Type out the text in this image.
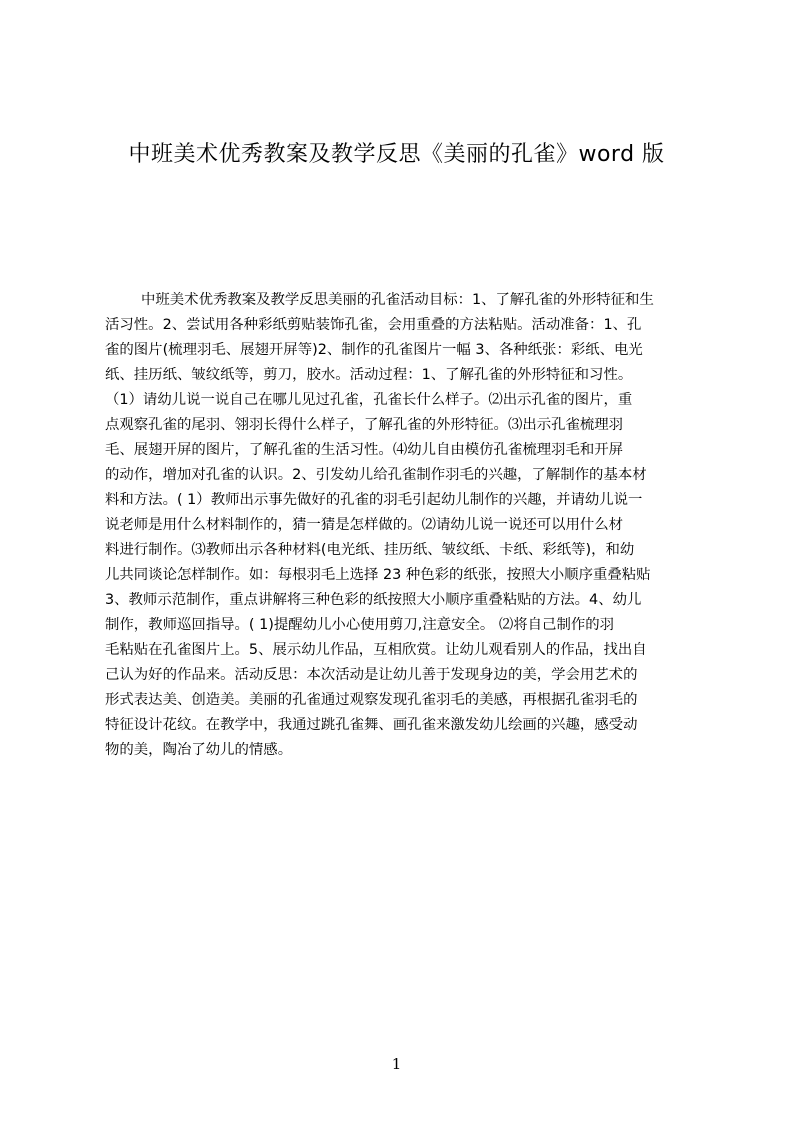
中班美术优秀教案及教学反思《美丽的孔雀》word 版
中班美术优秀教案及教学反思美丽的孔雀活动目标：1、了解孔雀的外形特征和生
活习性。2、尝试用各种彩纸剪贴装饰孔雀，会用重叠的方法粘贴。活动准备：1、孔
雀的图片(梳理羽毛、展翅开屏等)2、制作的孔雀图片一幅 3、各种纸张：彩纸、电光
纸、挂历纸、皱纹纸等，剪刀，胶水。活动过程：1、了解孔雀的外形特征和习性。
（1）请幼儿说一说自己在哪儿见过孔雀，孔雀长什么样子。⑵出示孔雀的图片，重
点观察孔雀的尾羽、翎羽长得什么样子，了解孔雀的外形特征。⑶出示孔雀梳理羽
毛、展翅开屏的图片，了解孔雀的生活习性。⑷幼儿自由模仿孔雀梳理羽毛和开屏
的动作，增加对孔雀的认识。2、引发幼儿给孔雀制作羽毛的兴趣，了解制作的基本材
料和方法。( 1）教师出示事先做好的孔雀的羽毛引起幼儿制作的兴趣，并请幼儿说一
说老师是用什么材料制作的，猜一猜是怎样做的。⑵请幼儿说一说还可以用什么材
料进行制作。⑶教师出示各种材料(电光纸、挂历纸、皱纹纸、卡纸、彩纸等)，和幼
儿共同谈论怎样制作。如：每根羽毛上选择 23 种色彩的纸张，按照大小顺序重叠粘贴
3、教师示范制作，重点讲解将三种色彩的纸按照大小顺序重叠粘贴的方法。4、幼儿
制作，教师巡回指导。( 1)提醒幼儿小心使用剪刀,注意安全。 ⑵将自己制作的羽
毛粘贴在孔雀图片上。5、展示幼儿作品，互相欣赏。让幼儿观看别人的作品，找出自
己认为好的作品来。活动反思：本次活动是让幼儿善于发现身边的美，学会用艺术的
形式表达美、创造美。美丽的孔雀通过观察发现孔雀羽毛的美感，再根据孔雀羽毛的
特征设计花纹。在教学中，我通过跳孔雀舞、画孔雀来激发幼儿绘画的兴趣，感受动
物的美，陶冶了幼儿的情感。
1
